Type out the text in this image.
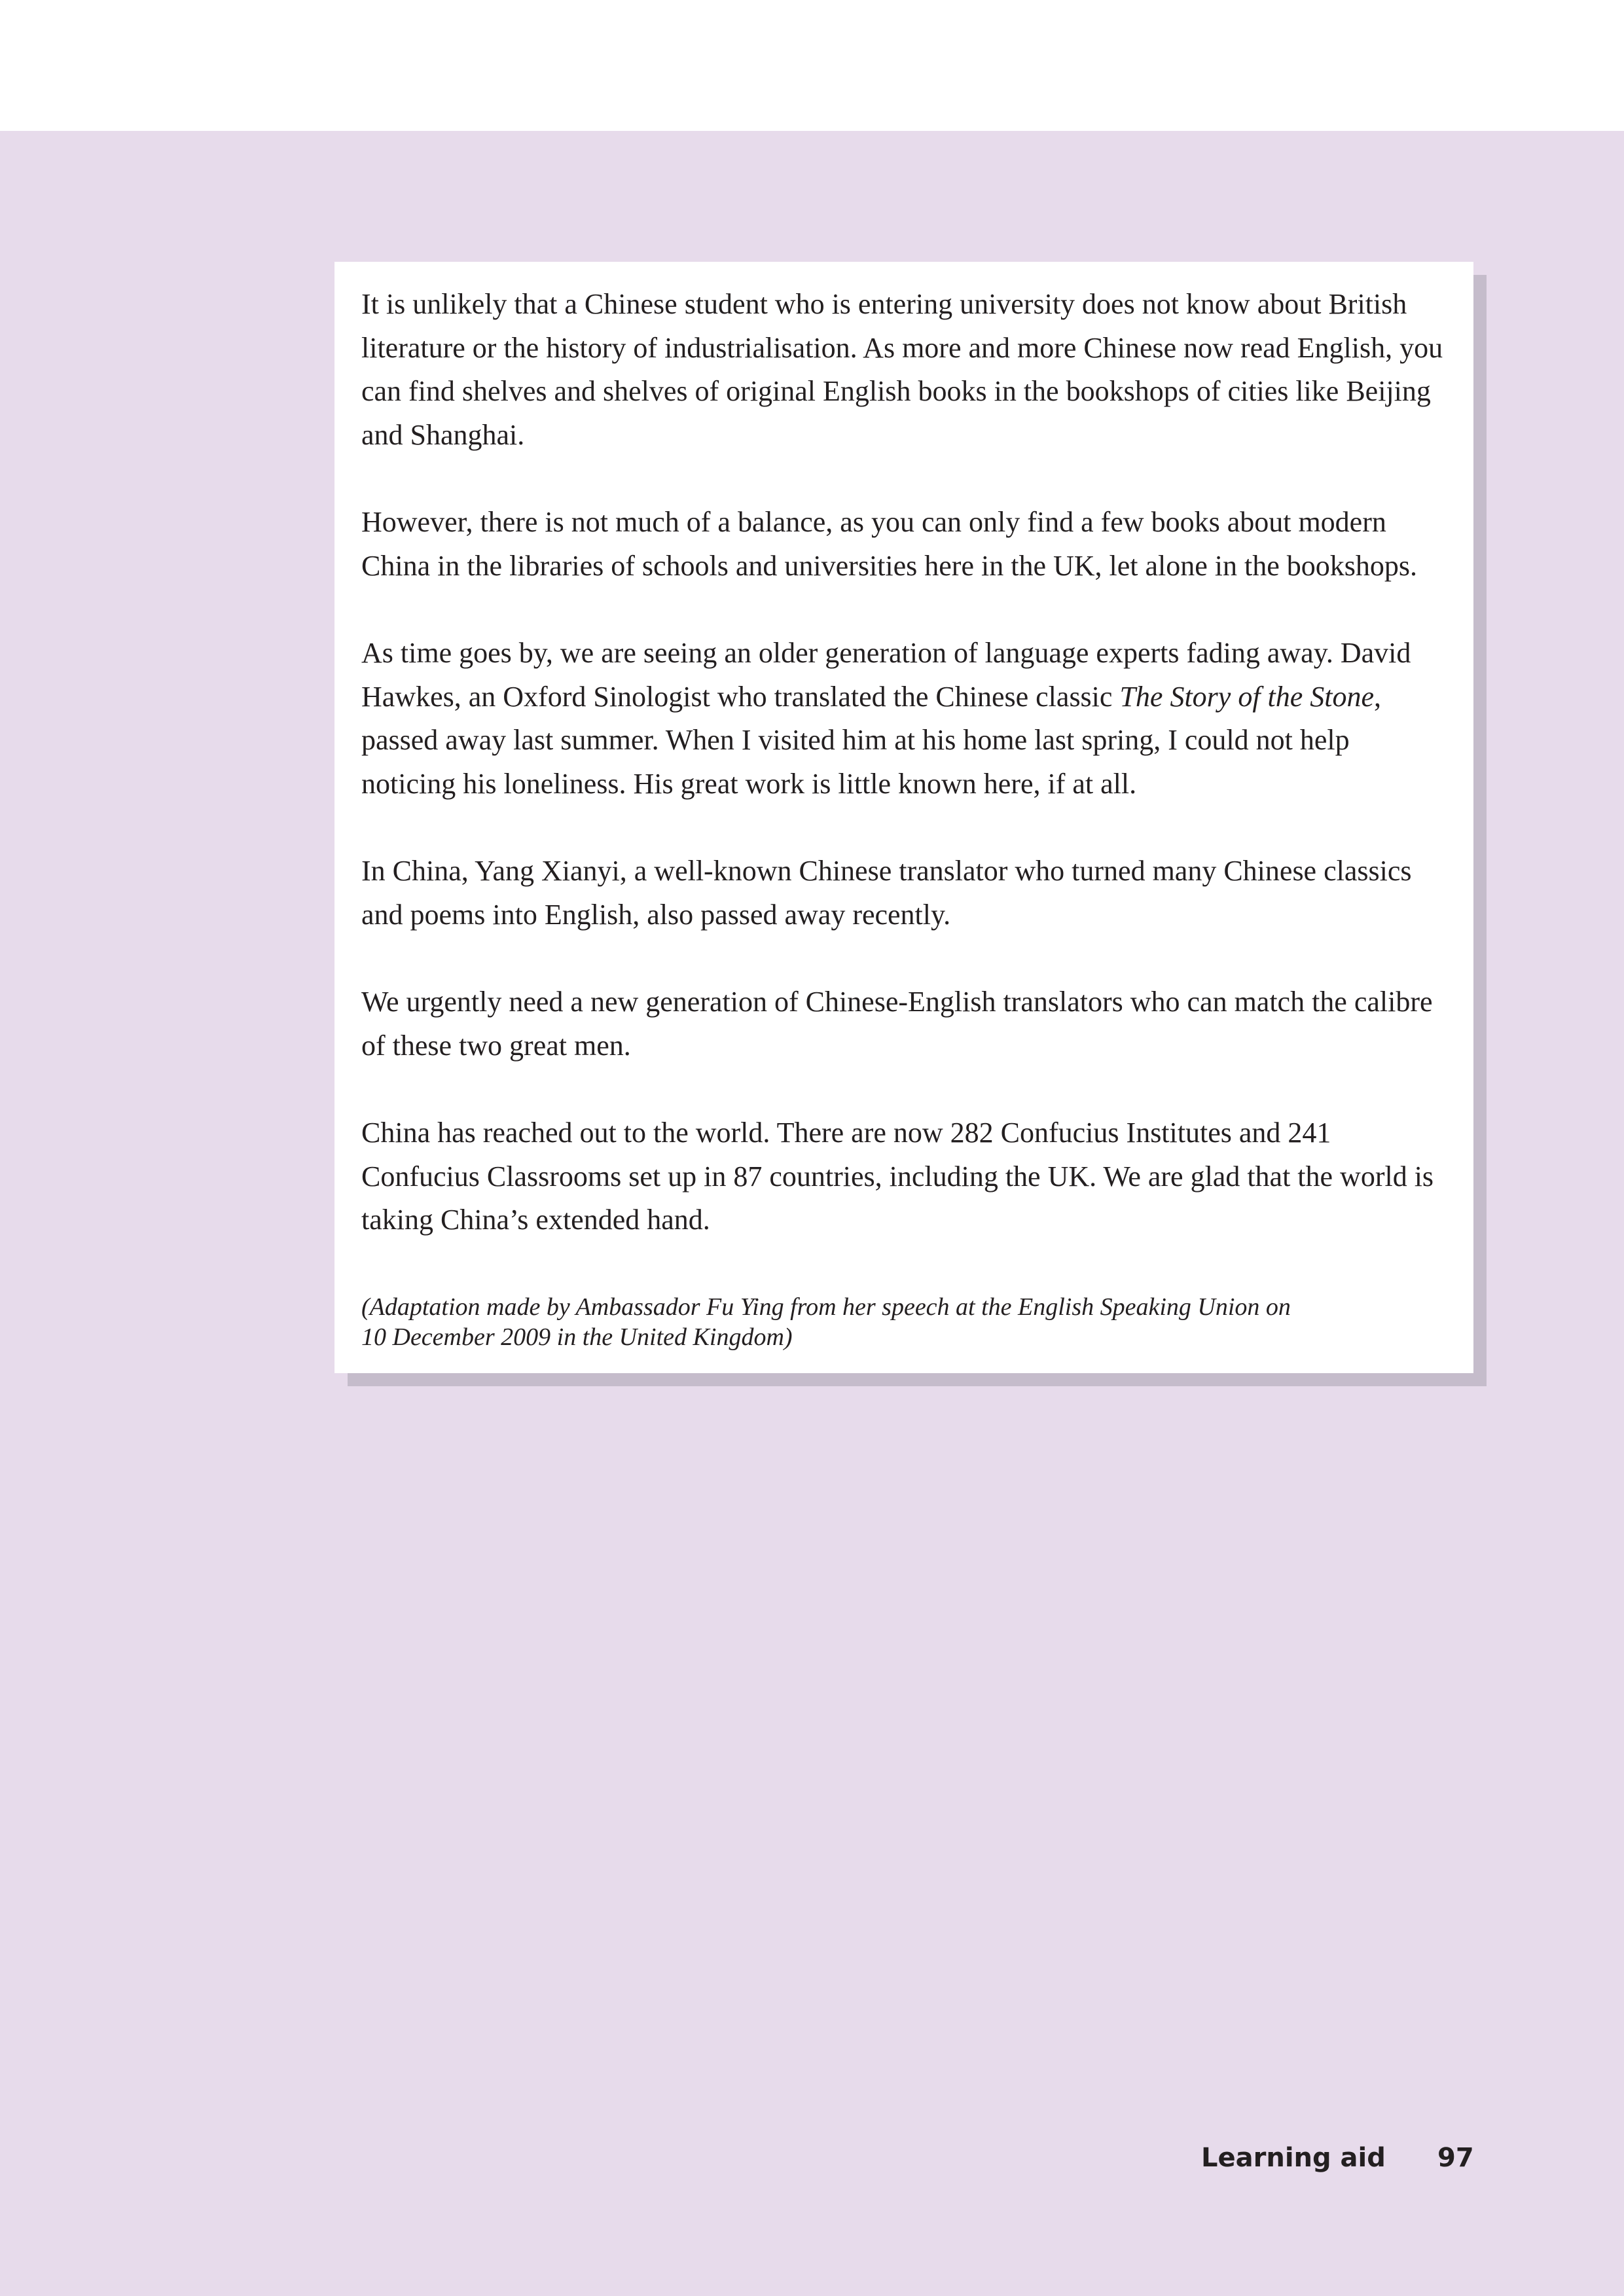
It is unlikely that a Chinese student who is entering university does not know about British literature or the history of industrialisation. As more and more Chinese now read English, you can find shelves and shelves of original English books in the bookshops of cities like Beijing and Shanghai.

However, there is not much of a balance, as you can only find a few books about modern China in the libraries of schools and universities here in the UK, let alone in the bookshops.

As time goes by, we are seeing an older generation of language experts fading away. David Hawkes, an Oxford Sinologist who translated the Chinese classic The Story of the Stone, passed away last summer. When I visited him at his home last spring, I could not help noticing his loneliness. His great work is little known here, if at all.

In China, Yang Xianyi, a well-known Chinese translator who turned many Chinese classics and poems into English, also passed away recently.

We urgently need a new generation of Chinese-English translators who can match the calibre of these two great men.

China has reached out to the world. There are now 282 Confucius Institutes and 241 Confucius Classrooms set up in 87 countries, including the UK. We are glad that the world is taking China’s extended hand.

(Adaptation made by Ambassador Fu Ying from her speech at the English Speaking Union on
10 December 2009 in the United Kingdom)

Learning aid	97
